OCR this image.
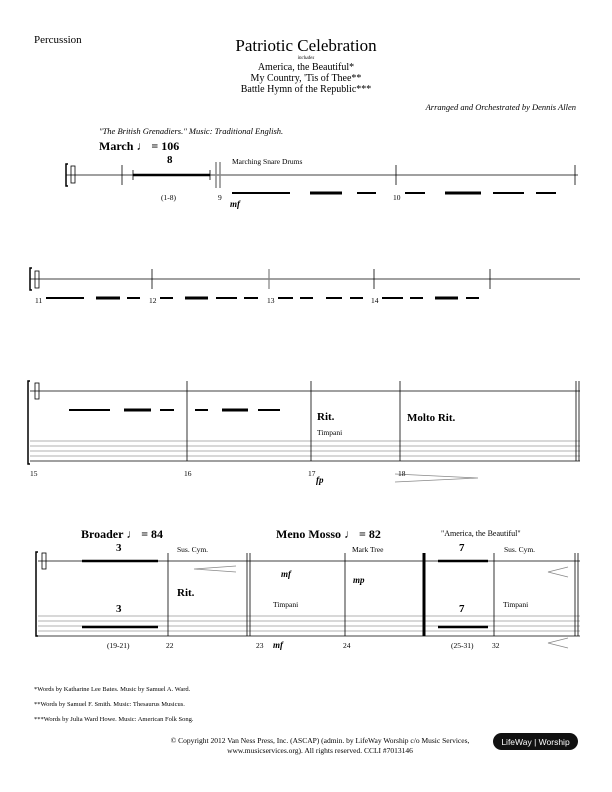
Percussion	Patriotic Celebration
includes
America, the Beautiful*
My Country, 'Tis of Thee**
Battle Hymn of the Republic***
Arranged and Orchestrated by Dennis Allen
"The British Grenadiers." Music: Traditional English.
March ♩ = 106
8
(1-8)
Marching Snare Drums
9	10
mf
11	12	13	14
15	16	17	18
Rit.	Molto Rit.
Timpani
fp
Broader ♩ = 84	Meno Mosso ♩ = 82	"America, the Beautiful"
3
3
7
7
(19-21)	(25-31)
22	23	24	32
Sus. Cym.	Sus. Cym.
Mark Tree
Timpani	Timpani
Rit.
mf
mf
mp
*Words by Katharine Lee Bates. Music by Samuel A. Ward.
**Words by Samuel F. Smith. Music: Thesaurus Musicus.
***Words by Julia Ward Howe. Music: American Folk Song.
© Copyright 2012 Van Ness Press, Inc. (ASCAP) (admin. by LifeWay Worship c/o Music Services,
www.musicservices.org). All rights reserved. CCLI #7013146
LifeWay | Worship
